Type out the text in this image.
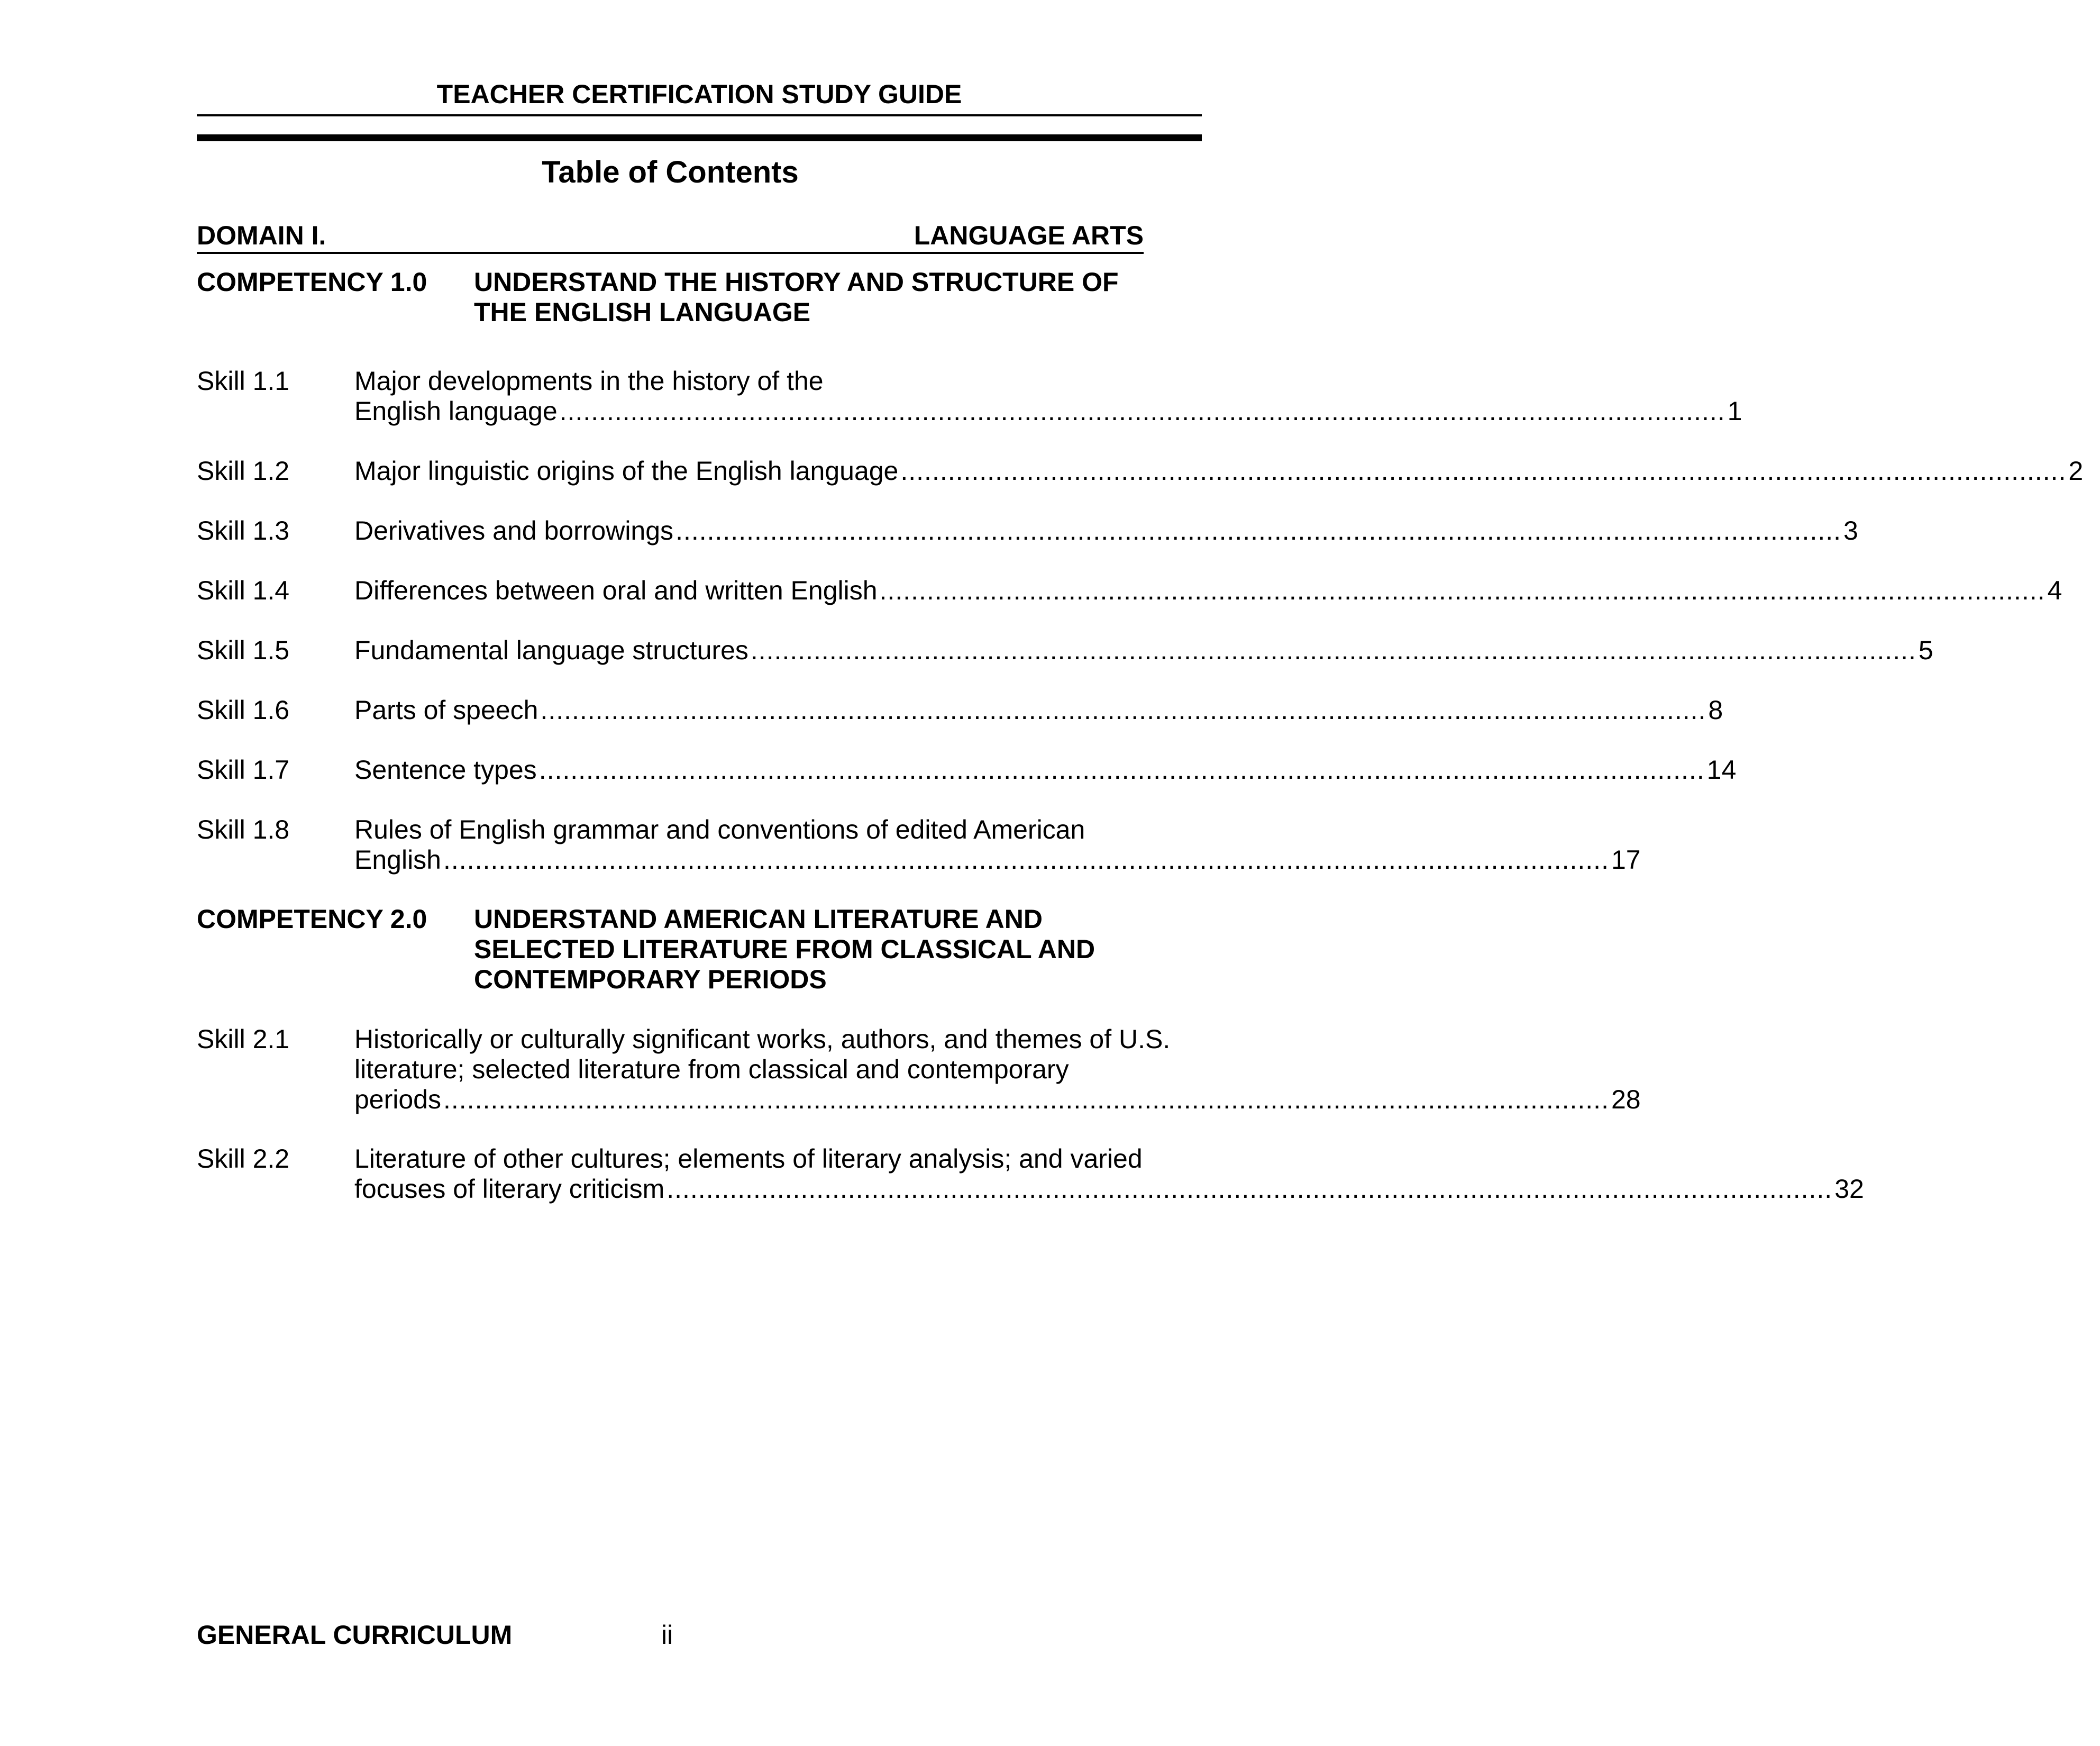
TEACHER CERTIFICATION STUDY GUIDE
Table of Contents
DOMAIN I.	LANGUAGE ARTS
COMPETENCY 1.0 UNDERSTAND THE HISTORY AND STRUCTURE OF
THE ENGLISH LANGUAGE
Skill 1.1 Major developments in the history of the
English language .................................................................................................................................................... 1
Skill 1.2 Major linguistic origins of the English language .................................................................................................................................................... 2
Skill 1.3 Derivatives and borrowings .................................................................................................................................................... 3
Skill 1.4 Differences between oral and written English .................................................................................................................................................... 4
Skill 1.5 Fundamental language structures .................................................................................................................................................... 5
Skill 1.6 Parts of speech .................................................................................................................................................... 8
Skill 1.7 Sentence types .................................................................................................................................................... 14
Skill 1.8 Rules of English grammar and conventions of edited American
English .................................................................................................................................................... 17
COMPETENCY 2.0 UNDERSTAND AMERICAN LITERATURE AND
SELECTED LITERATURE FROM CLASSICAL AND
CONTEMPORARY PERIODS
Skill 2.1 Historically or culturally significant works, authors, and themes of U.S.
literature; selected literature from classical and contemporary
periods .................................................................................................................................................... 28
Skill 2.2 Literature of other cultures; elements of literary analysis; and varied
focuses of literary criticism .................................................................................................................................................... 32
GENERAL CURRICULUM	ii
